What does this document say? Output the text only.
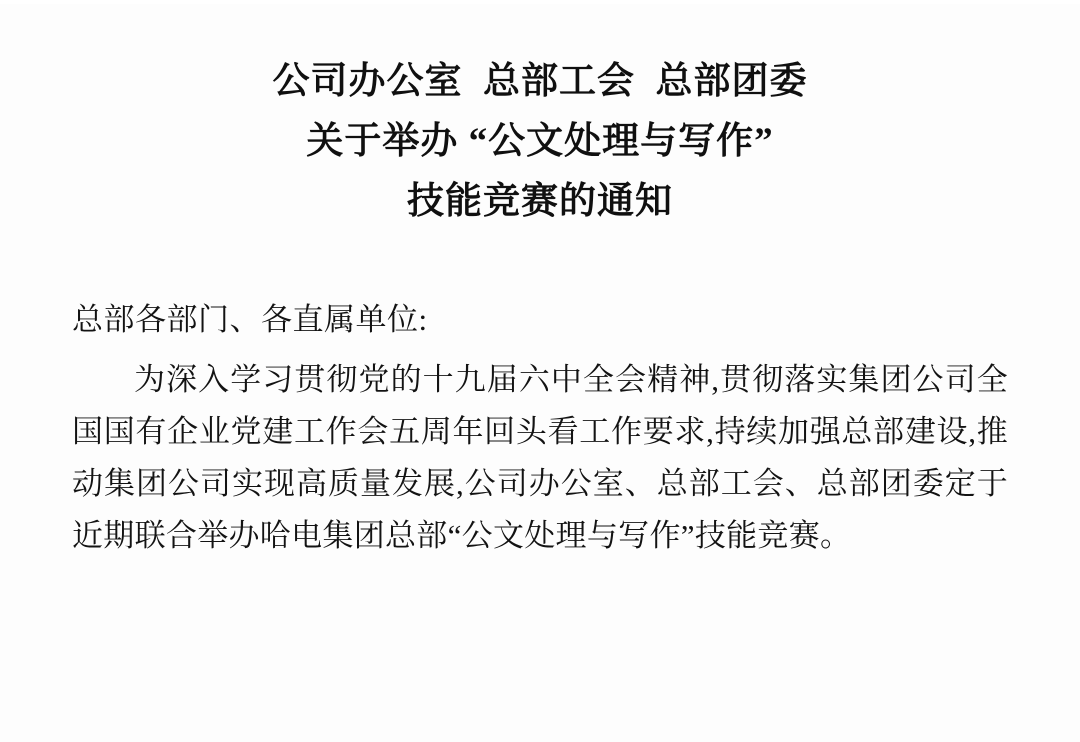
公司办公室  总部工会  总部团委
关于举办 “公文处理与写作”
技能竞赛的通知

总部各部门、各直属单位:

为深入学习贯彻党的十九届六中全会精神,贯彻落实集团公司全国国有企业党建工作会五周年回头看工作要求,持续加强总部建设,推动集团公司实现高质量发展,公司办公室、总部工会、总部团委定于近期联合举办哈电集团总部“公文处理与写作”技能竞赛。
